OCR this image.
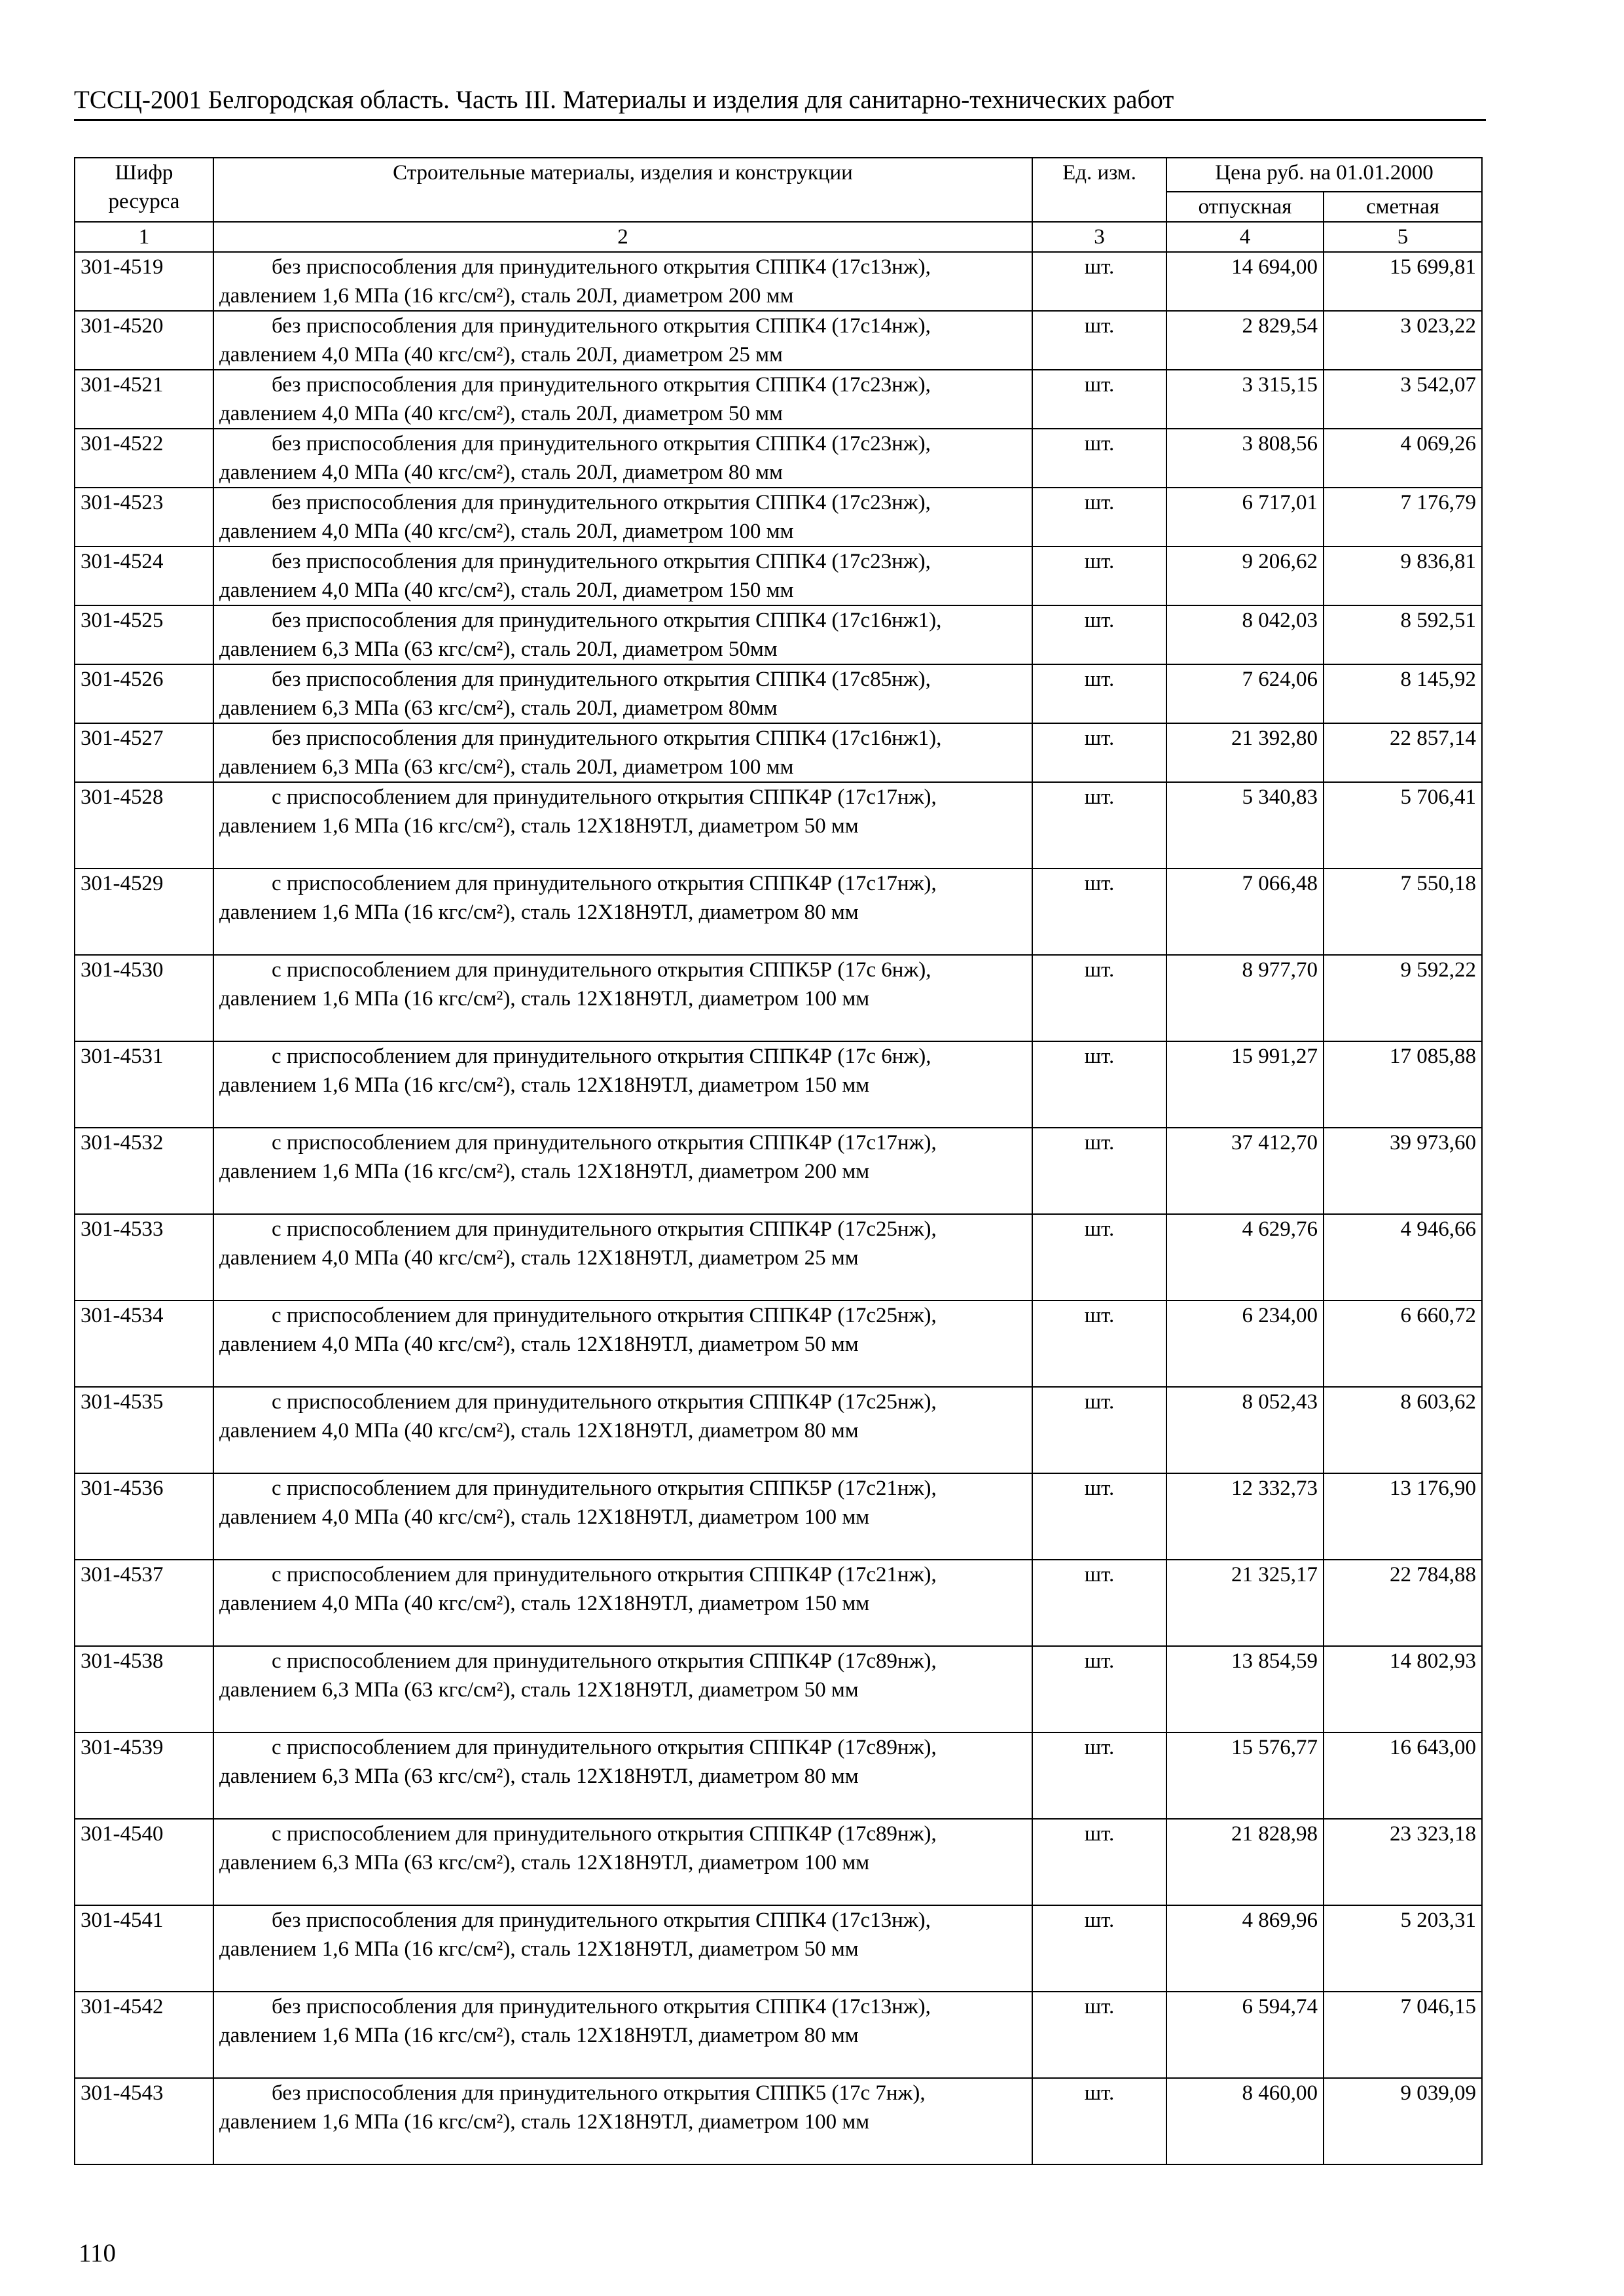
ТССЦ-2001 Белгородская область. Часть III. Материалы и изделия для санитарно-технических работ
Шифр ресурса	Строительные материалы, изделия и конструкции	Ед. изм.	Цена руб. на 01.01.2000	
			отпускная	сметная
1	2	3	4	5
301-4519	без приспособления для принудительного открытия СППК4 (17с13нж), давлением 1,6 МПа (16 кгс/см²), сталь 20Л, диаметром 200 мм	шт.	14 694,00	15 699,81
301-4520	без приспособления для принудительного открытия СППК4 (17с14нж), давлением 4,0 МПа (40 кгс/см²), сталь 20Л, диаметром 25 мм	шт.	2 829,54	3 023,22
301-4521	без приспособления для принудительного открытия СППК4 (17с23нж), давлением 4,0 МПа (40 кгс/см²), сталь 20Л, диаметром 50 мм	шт.	3 315,15	3 542,07
301-4522	без приспособления для принудительного открытия СППК4 (17с23нж), давлением 4,0 МПа (40 кгс/см²), сталь 20Л, диаметром 80 мм	шт.	3 808,56	4 069,26
301-4523	без приспособления для принудительного открытия СППК4 (17с23нж), давлением 4,0 МПа (40 кгс/см²), сталь 20Л, диаметром 100 мм	шт.	6 717,01	7 176,79
301-4524	без приспособления для принудительного открытия СППК4 (17с23нж), давлением 4,0 МПа (40 кгс/см²), сталь 20Л, диаметром 150 мм	шт.	9 206,62	9 836,81
301-4525	без приспособления для принудительного открытия СППК4 (17с16нж1), давлением 6,3 МПа (63 кгс/см²), сталь 20Л, диаметром 50мм	шт.	8 042,03	8 592,51
301-4526	без приспособления для принудительного открытия СППК4 (17с85нж), давлением 6,3 МПа (63 кгс/см²), сталь 20Л, диаметром 80мм	шт.	7 624,06	8 145,92
301-4527	без приспособления для принудительного открытия СППК4 (17с16нж1), давлением 6,3 МПа (63 кгс/см²), сталь 20Л, диаметром 100 мм	шт.	21 392,80	22 857,14
301-4528	с приспособлением для принудительного открытия СППК4Р (17с17нж), давлением 1,6 МПа (16 кгс/см²), сталь 12Х18Н9ТЛ, диаметром 50 мм	шт.	5 340,83	5 706,41
301-4529	с приспособлением для принудительного открытия СППК4Р (17с17нж), давлением 1,6 МПа (16 кгс/см²), сталь 12Х18Н9ТЛ, диаметром 80 мм	шт.	7 066,48	7 550,18
301-4530	с приспособлением для принудительного открытия СППК5Р (17с 6нж), давлением 1,6 МПа (16 кгс/см²), сталь 12Х18Н9ТЛ, диаметром 100 мм	шт.	8 977,70	9 592,22
301-4531	с приспособлением для принудительного открытия СППК4Р (17с 6нж), давлением 1,6 МПа (16 кгс/см²), сталь 12Х18Н9ТЛ, диаметром 150 мм	шт.	15 991,27	17 085,88
301-4532	с приспособлением для принудительного открытия СППК4Р (17с17нж), давлением 1,6 МПа (16 кгс/см²), сталь 12Х18Н9ТЛ, диаметром 200 мм	шт.	37 412,70	39 973,60
301-4533	с приспособлением для принудительного открытия СППК4Р (17с25нж), давлением 4,0 МПа (40 кгс/см²), сталь 12Х18Н9ТЛ, диаметром 25 мм	шт.	4 629,76	4 946,66
301-4534	с приспособлением для принудительного открытия СППК4Р (17с25нж), давлением 4,0 МПа (40 кгс/см²), сталь 12Х18Н9ТЛ, диаметром 50 мм	шт.	6 234,00	6 660,72
301-4535	с приспособлением для принудительного открытия СППК4Р (17с25нж), давлением 4,0 МПа (40 кгс/см²), сталь 12Х18Н9ТЛ, диаметром 80 мм	шт.	8 052,43	8 603,62
301-4536	с приспособлением для принудительного открытия СППК5Р (17с21нж), давлением 4,0 МПа (40 кгс/см²), сталь 12Х18Н9ТЛ, диаметром 100 мм	шт.	12 332,73	13 176,90
301-4537	с приспособлением для принудительного открытия СППК4Р (17с21нж), давлением 4,0 МПа (40 кгс/см²), сталь 12Х18Н9ТЛ, диаметром 150 мм	шт.	21 325,17	22 784,88
301-4538	с приспособлением для принудительного открытия СППК4Р (17с89нж), давлением 6,3 МПа (63 кгс/см²), сталь 12Х18Н9ТЛ, диаметром 50 мм	шт.	13 854,59	14 802,93
301-4539	с приспособлением для принудительного открытия СППК4Р (17с89нж), давлением 6,3 МПа (63 кгс/см²), сталь 12Х18Н9ТЛ, диаметром 80 мм	шт.	15 576,77	16 643,00
301-4540	с приспособлением для принудительного открытия СППК4Р (17с89нж), давлением 6,3 МПа (63 кгс/см²), сталь 12Х18Н9ТЛ, диаметром 100 мм	шт.	21 828,98	23 323,18
301-4541	без приспособления для принудительного открытия СППК4 (17с13нж), давлением 1,6 МПа (16 кгс/см²), сталь 12Х18Н9ТЛ, диаметром 50 мм	шт.	4 869,96	5 203,31
301-4542	без приспособления для принудительного открытия СППК4 (17с13нж), давлением 1,6 МПа (16 кгс/см²), сталь 12Х18Н9ТЛ, диаметром 80 мм	шт.	6 594,74	7 046,15
301-4543	без приспособления для принудительного открытия СППК5 (17с 7нж), давлением 1,6 МПа (16 кгс/см²), сталь 12Х18Н9ТЛ, диаметром 100 мм	шт.	8 460,00	9 039,09
110
